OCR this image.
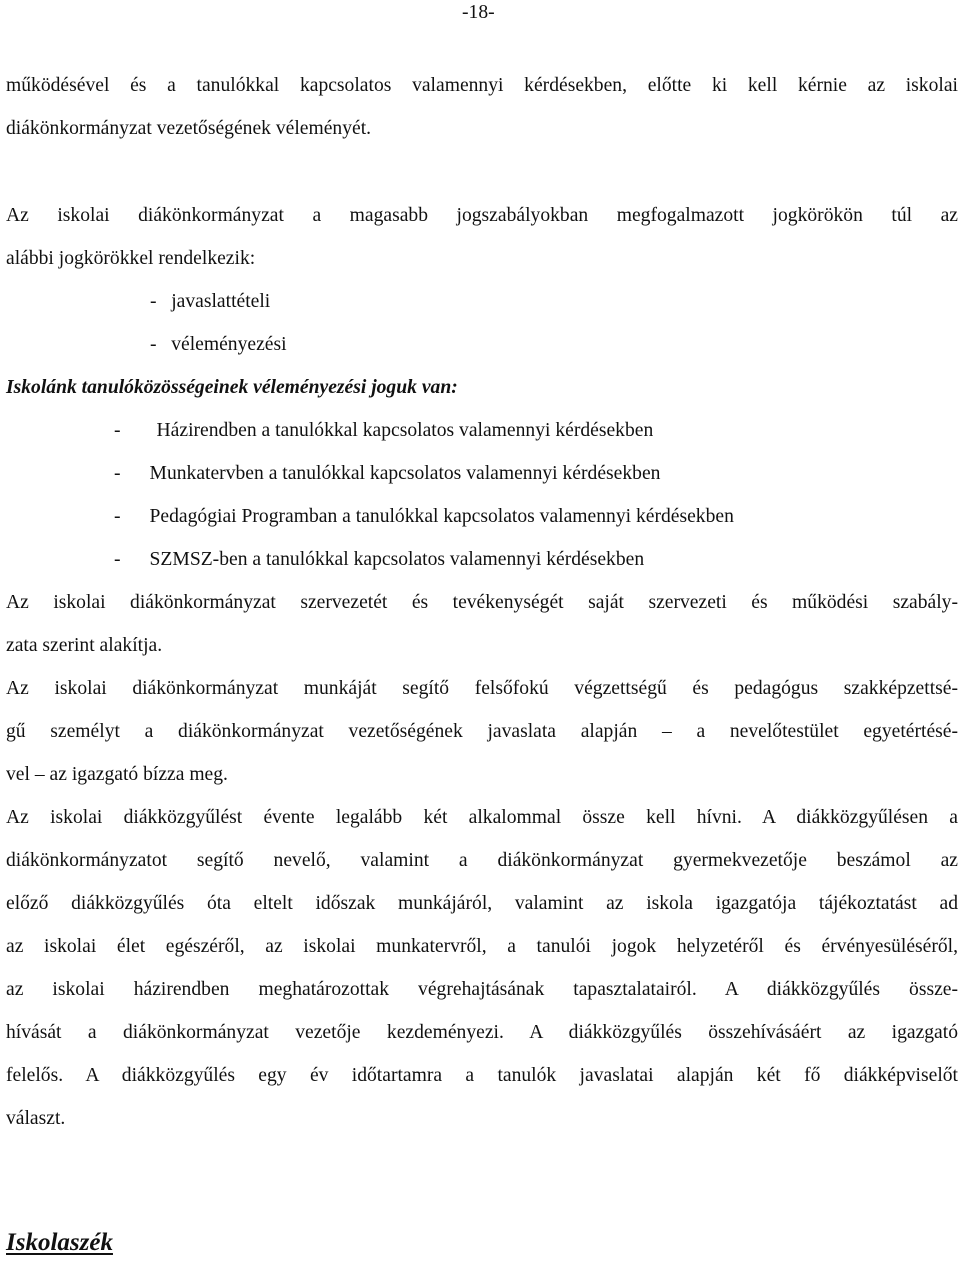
-18-
működésével és a tanulókkal kapcsolatos valamennyi kérdésekben, előtte ki kell kérnie az iskolai
diákönkormányzat vezetőségének véleményét.
Az iskolai diákönkormányzat a magasabb jogszabályokban megfogalmazott jogkörökön túl az
alábbi jogkörökkel rendelkezik:
- javaslattételi
- véleményezési
Iskolánk tanulóközösségeinek véleményezési joguk van:
- Házirendben a tanulókkal kapcsolatos valamennyi kérdésekben
- Munkatervben a tanulókkal kapcsolatos valamennyi kérdésekben
- Pedagógiai Programban a tanulókkal kapcsolatos valamennyi kérdésekben
- SZMSZ-ben a tanulókkal kapcsolatos valamennyi kérdésekben
Az iskolai diákönkormányzat szervezetét és tevékenységét saját szervezeti és működési szabály-
zata szerint alakítja.
Az iskolai diákönkormányzat munkáját segítő felsőfokú végzettségű és pedagógus szakképzettsé-
gű személyt a diákönkormányzat vezetőségének javaslata alapján – a nevelőtestület egyetértésé-
vel – az igazgató bízza meg.
Az iskolai diákközgyűlést évente legalább két alkalommal össze kell hívni. A diákközgyűlésen a
diákönkormányzatot segítő nevelő, valamint a diákönkormányzat gyermekvezetője beszámol az
előző diákközgyűlés óta eltelt időszak munkájáról, valamint az iskola igazgatója tájékoztatást ad
az iskolai élet egészéről, az iskolai munkatervről, a tanulói jogok helyzetéről és érvényesüléséről,
az iskolai házirendben meghatározottak végrehajtásának tapasztalatairól. A diákközgyűlés össze-
hívását a diákönkormányzat vezetője kezdeményezi. A diákközgyűlés összehívásáért az igazgató
felelős. A diákközgyűlés egy év időtartamra a tanulók javaslatai alapján két fő diákképviselőt
választ.
Iskolaszék
